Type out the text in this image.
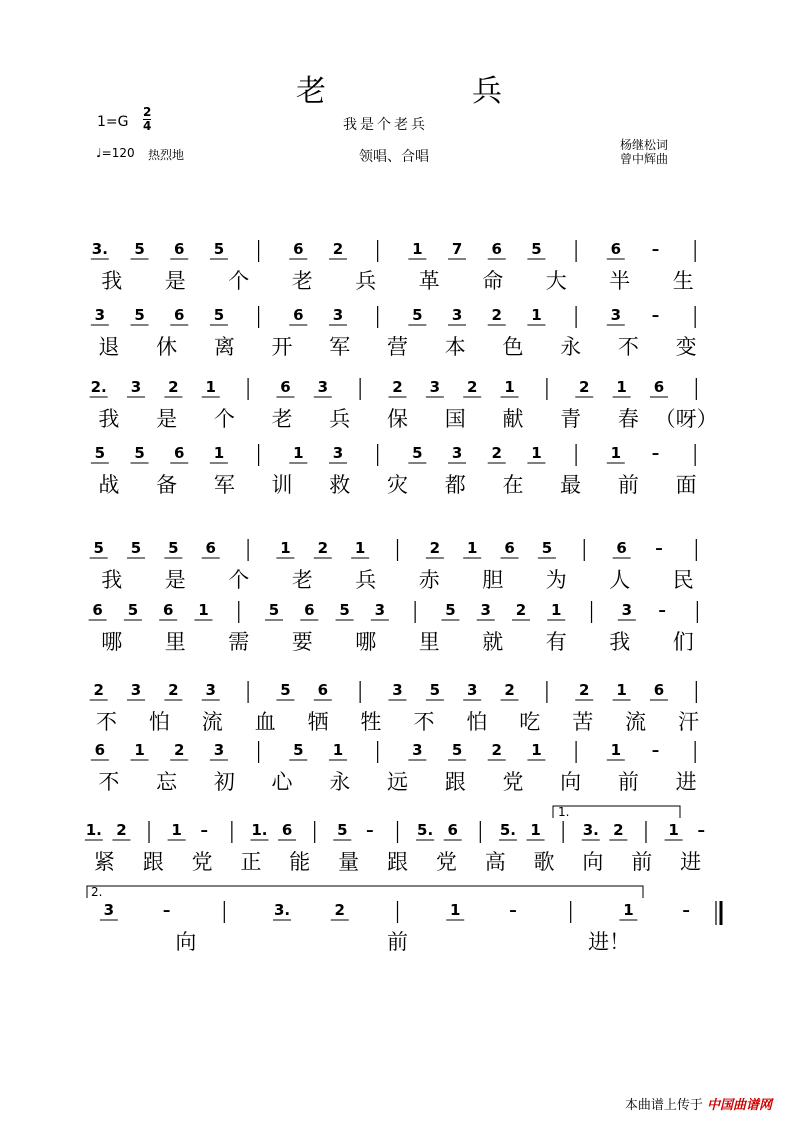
老	兵
1=G
2
4	我是个老兵
♩=120 热烈地	领唱、合唱
杨继松词
曾中辉曲
3. 5 6 5	6 2	1 7 6 5	6 –
我 是 个 老 兵 革 命 大 半 生
3 5 6 5	6 3	5 3 2 1	3 –
退 休 离 开 军 营 本 色 永 不 变
2. 3 2 1	6 3	2 3 2 1	2 1 6
我 是 个 老 兵 保 国 献 青 春 （呀）
5 5 6 1	1 3	5 3 2 1	1 –
战 备 军 训 救 灾 都 在 最 前 面
5 5 5 6	1 2 1	2 1 6 5	6 –
我 是 个 老 兵 赤 胆 为 人 民
6 5 6 1	5 6 5 3	5 3 2 1	3 –
哪 里 需 要 哪 里 就 有 我 们
2 3 2 3	5 6	3 5 3 2	2 1 6
不 怕 流 血 牺 牲 不 怕 吃 苦 流 汗
6 1 2 3	5 1	3 5 2 1	1 –
不 忘 初 心 永 远 跟 党 向 前 进
1. 2	1 –	1. 6	5 –	5. 6	5. 1	3. 2	1 –
紧 跟 党 正 能 量 跟 党 高 歌 向 前 进
3	–	3.	2	1	–	1	–
向	前	进！
1.
2.
本曲谱上传于 中国曲谱网
